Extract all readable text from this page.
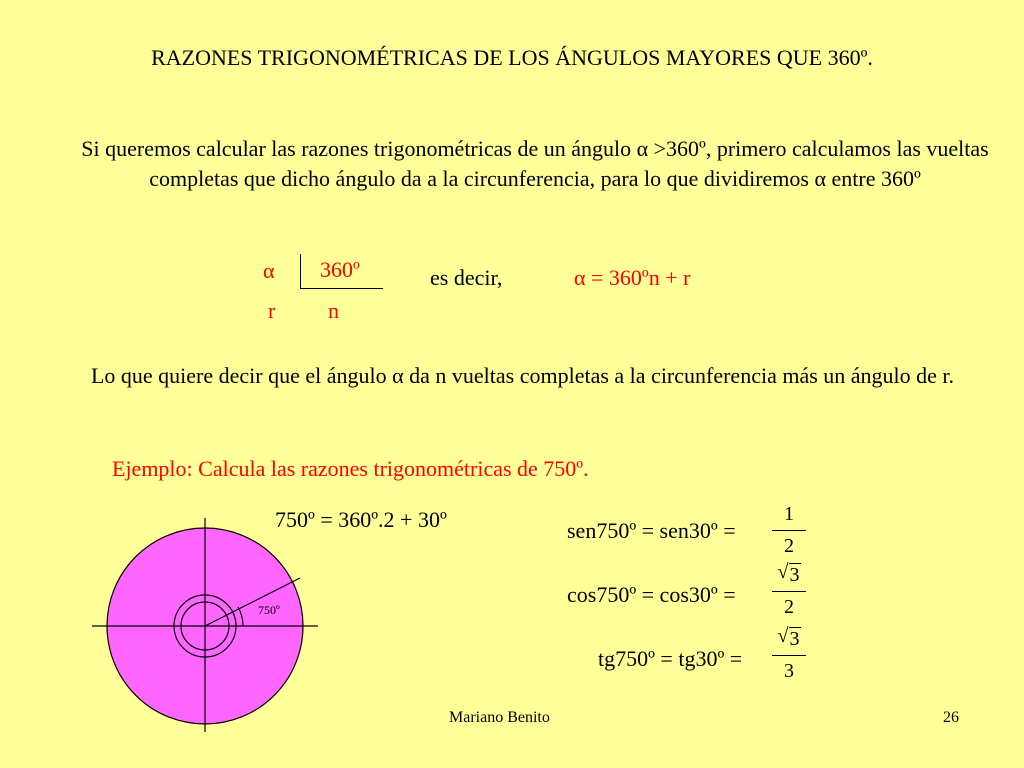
RAZONES TRIGONOMÉTRICAS DE LOS ÁNGULOS MAYORES QUE 360º.
Si queremos calcular las razones trigonométricas de un ángulo α >360º, primero calculamos las vueltas completas que dicho ángulo da a la circunferencia, para lo que dividiremos α entre 360º
α 360º
r n
es decir,	α = 360ºn + r
Lo que quiere decir que el ángulo α da n vueltas completas a la circunferencia más un ángulo de r.
Ejemplo: Calcula las razones trigonométricas de 750º.
750º = 360º.2 + 30º
750º
sen750º = sen30º =
1
2
cos750º = cos30º =
√ 3
2
tg750º = tg30º =
√ 3
3
Mariano Benito	26
